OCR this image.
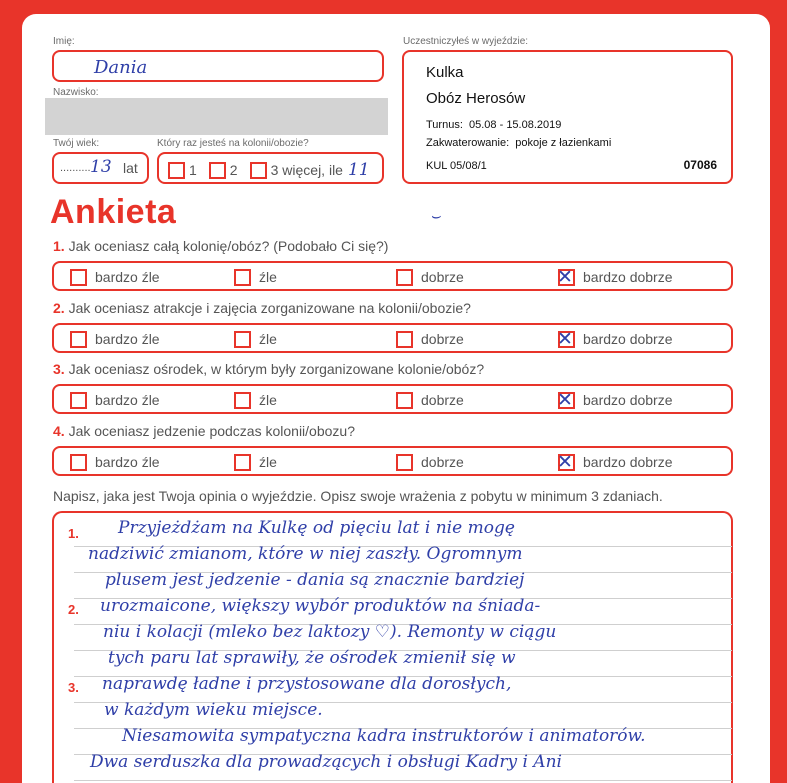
Imię:
Dania
Nazwisko:
Twój wiek:
.......... 13 lat
Który raz jesteś na kolonii/obozie?
1 2 3 więcej, ile 11
Uczestniczyłeś w wyjeździe:
Kulka
Obóz Herosów
Turnus: 05.08 - 15.08.2019
Zakwaterowanie: pokoje z łazienkami
KUL 05/08/1	07086
Ankieta	⌣
1. Jak oceniasz całą kolonię/obóz? (Podobało Ci się?)
bardzo źle	źle	dobrze	✕ bardzo dobrze
2. Jak oceniasz atrakcje i zajęcia zorganizowane na kolonii/obozie?
bardzo źle	źle	dobrze	✕ bardzo dobrze
3. Jak oceniasz ośrodek, w którym były zorganizowane kolonie/obóz?
bardzo źle	źle	dobrze	✕ bardzo dobrze
4. Jak oceniasz jedzenie podczas kolonii/obozu?
bardzo źle	źle	dobrze	✕ bardzo dobrze
Napisz, jaka jest Twoja opinia o wyjeździe. Opisz swoje wrażenia z pobytu w minimum 3 zdaniach.
1.
2.
3.
Przyjeżdżam na Kulkę od pięciu lat i nie mogę
nadziwić zmianom, które w niej zaszły. Ogromnym
plusem jest jedzenie - dania są znacznie bardziej
urozmaicone, większy wybór produktów na śniada-
niu i kolacji (mleko bez laktozy ♡). Remonty w ciągu
tych paru lat sprawiły, że ośrodek zmienił się w
naprawdę ładne i przystosowane dla dorosłych,
w każdym wieku miejsce.
Niesamowita sympatyczna kadra instruktorów i animatorów.
Dwa serduszka dla prowadzących i obsługi Kadry i Ani
